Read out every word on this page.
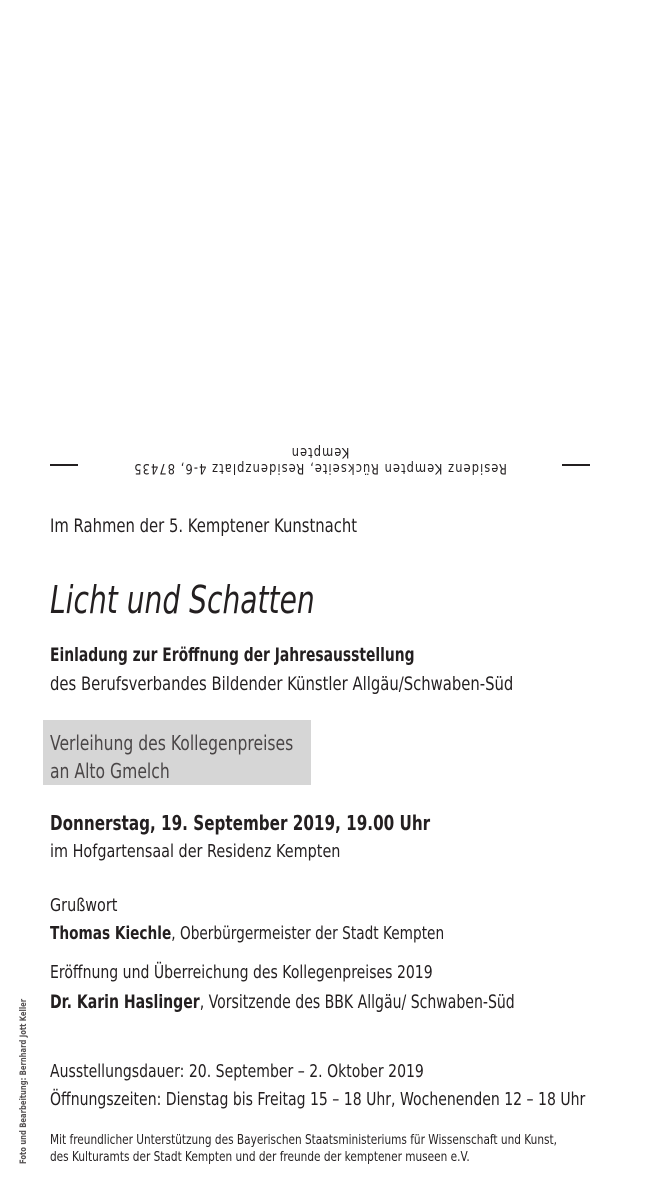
Residenz Kempten Rückseite, Residenzplatz 4-6, 87435 Kempten
Im Rahmen der 5. Kemptener Kunstnacht
Licht und Schatten
Einladung zur Eröffnung der Jahresausstellung
des Berufsverbandes Bildender Künstler Allgäu/Schwaben-Süd
Verleihung des Kollegenpreises
an Alto Gmelch
Donnerstag, 19. September 2019, 19.00 Uhr
im Hofgartensaal der Residenz Kempten
Grußwort
Thomas Kiechle, Oberbürgermeister der Stadt Kempten
Eröffnung und Überreichung des Kollegenpreises 2019
Dr. Karin Haslinger, Vorsitzende des BBK Allgäu/ Schwaben-Süd
Ausstellungsdauer: 20. September – 2. Oktober 2019
Öffnungszeiten: Dienstag bis Freitag 15 – 18 Uhr, Wochenenden 12 – 18 Uhr
Mit freundlicher Unterstützung des Bayerischen Staatsministeriums für Wissenschaft und Kunst,
des Kulturamts der Stadt Kempten und der freunde der kemptener museen e.V.
Foto und Bearbeitung: Bernhard Jott Keller
